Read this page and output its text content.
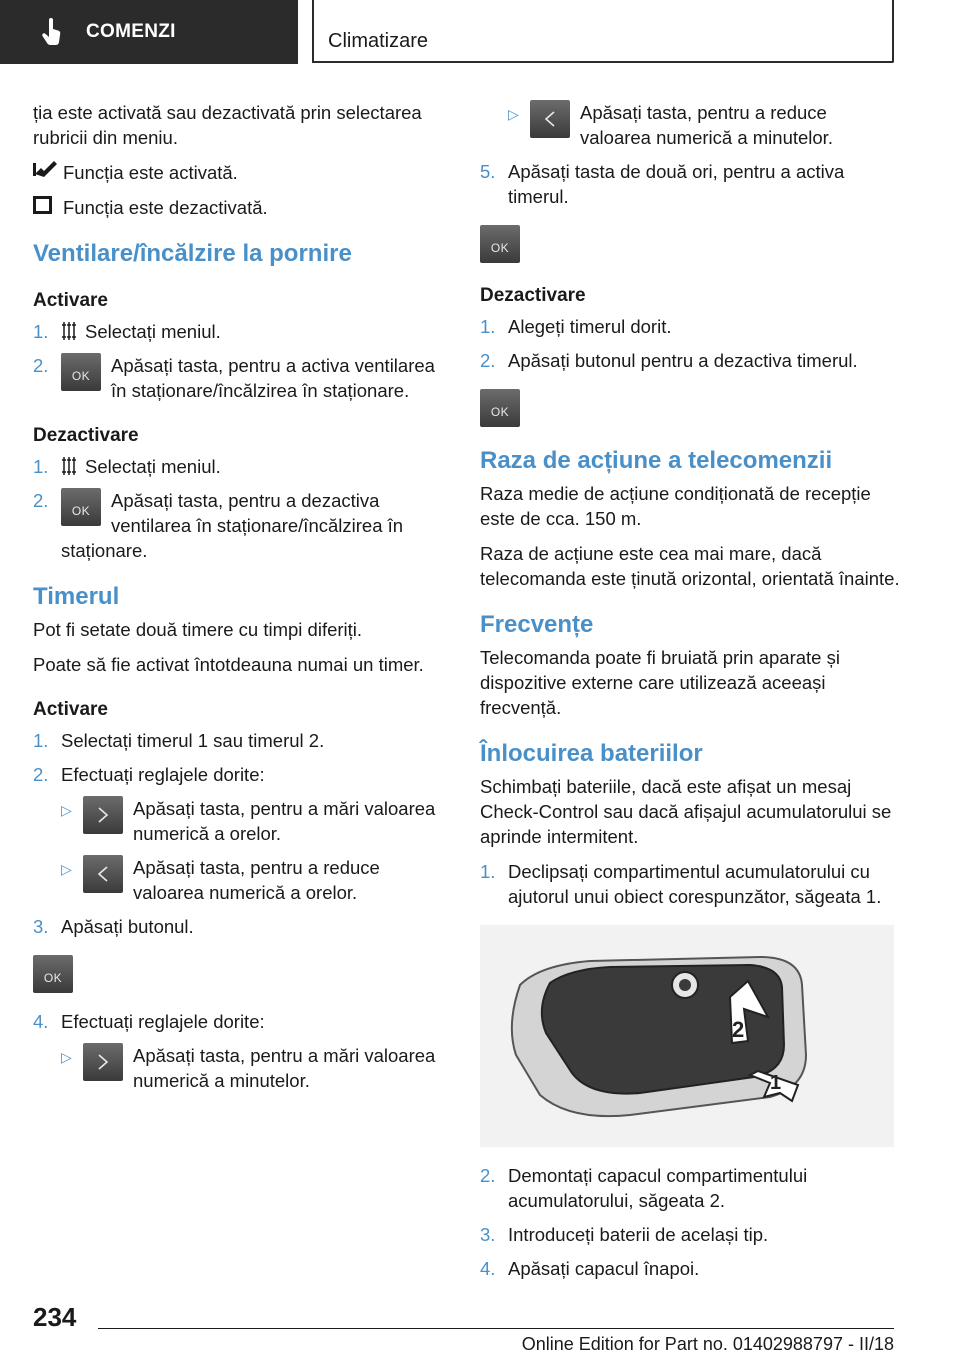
COMENZI	Climatizare

ția este activată sau dezactivată prin selectarea rubricii din meniu.

Funcția este activată.
Funcția este dezactivată.
Ventilare/încălzire la pornire
Activare
1.	Selectați meniul.
2. OK	Apăsați tasta, pentru a activa ventilarea în staționare/încălzirea în staționare.
Dezactivare
1.	Selectați meniul.
2. OK	Apăsați tasta, pentru a dezactiva ventilarea în staționare/încălzirea în staționare.
Timerul

Pot fi setate două timere cu timpi diferiți.

Poate să fie activat întotdeauna numai un timer.

Activare
1. Selectați timerul 1 sau timerul 2.
2. Efectuați reglajele dorite:
▷	Apăsați tasta, pentru a mări valoarea numerică a orelor.
▷	Apăsați tasta, pentru a reduce valoarea numerică a orelor.
3. Apăsați butonul.
OK
4. Efectuați reglajele dorite:
▷	Apăsați tasta, pentru a mări valoarea numerică a minutelor.
▷	Apăsați tasta, pentru a reduce valoarea numerică a minutelor.
5. Apăsați tasta de două ori, pentru a activa timerul.
OK
Dezactivare
1. Alegeți timerul dorit.
2. Apăsați butonul pentru a dezactiva timerul.
OK
Raza de acțiune a telecomenzii

Raza medie de acțiune condiționată de recepție este de cca. 150 m.

Raza de acțiune este cea mai mare, dacă telecomanda este ținută orizontal, orientată înainte.

Frecvențe

Telecomanda poate fi bruiată prin aparate și dispozitive externe care utilizează aceeași frecvență.

Înlocuirea bateriilor

Schimbați bateriile, dacă este afișat un mesaj Check-Control sau dacă afișajul acumulatorului se aprinde intermitent.

1. Declipsați compartimentul acumulatorului cu ajutorul unui obiect corespunzător, săgeata 1.
2
1
2. Demontați capacul compartimentului acumulatorului, săgeata 2.
3. Introduceți baterii de același tip.
4. Apăsați capacul înapoi.
234
Online Edition for Part no. 01402988797 - II/18
